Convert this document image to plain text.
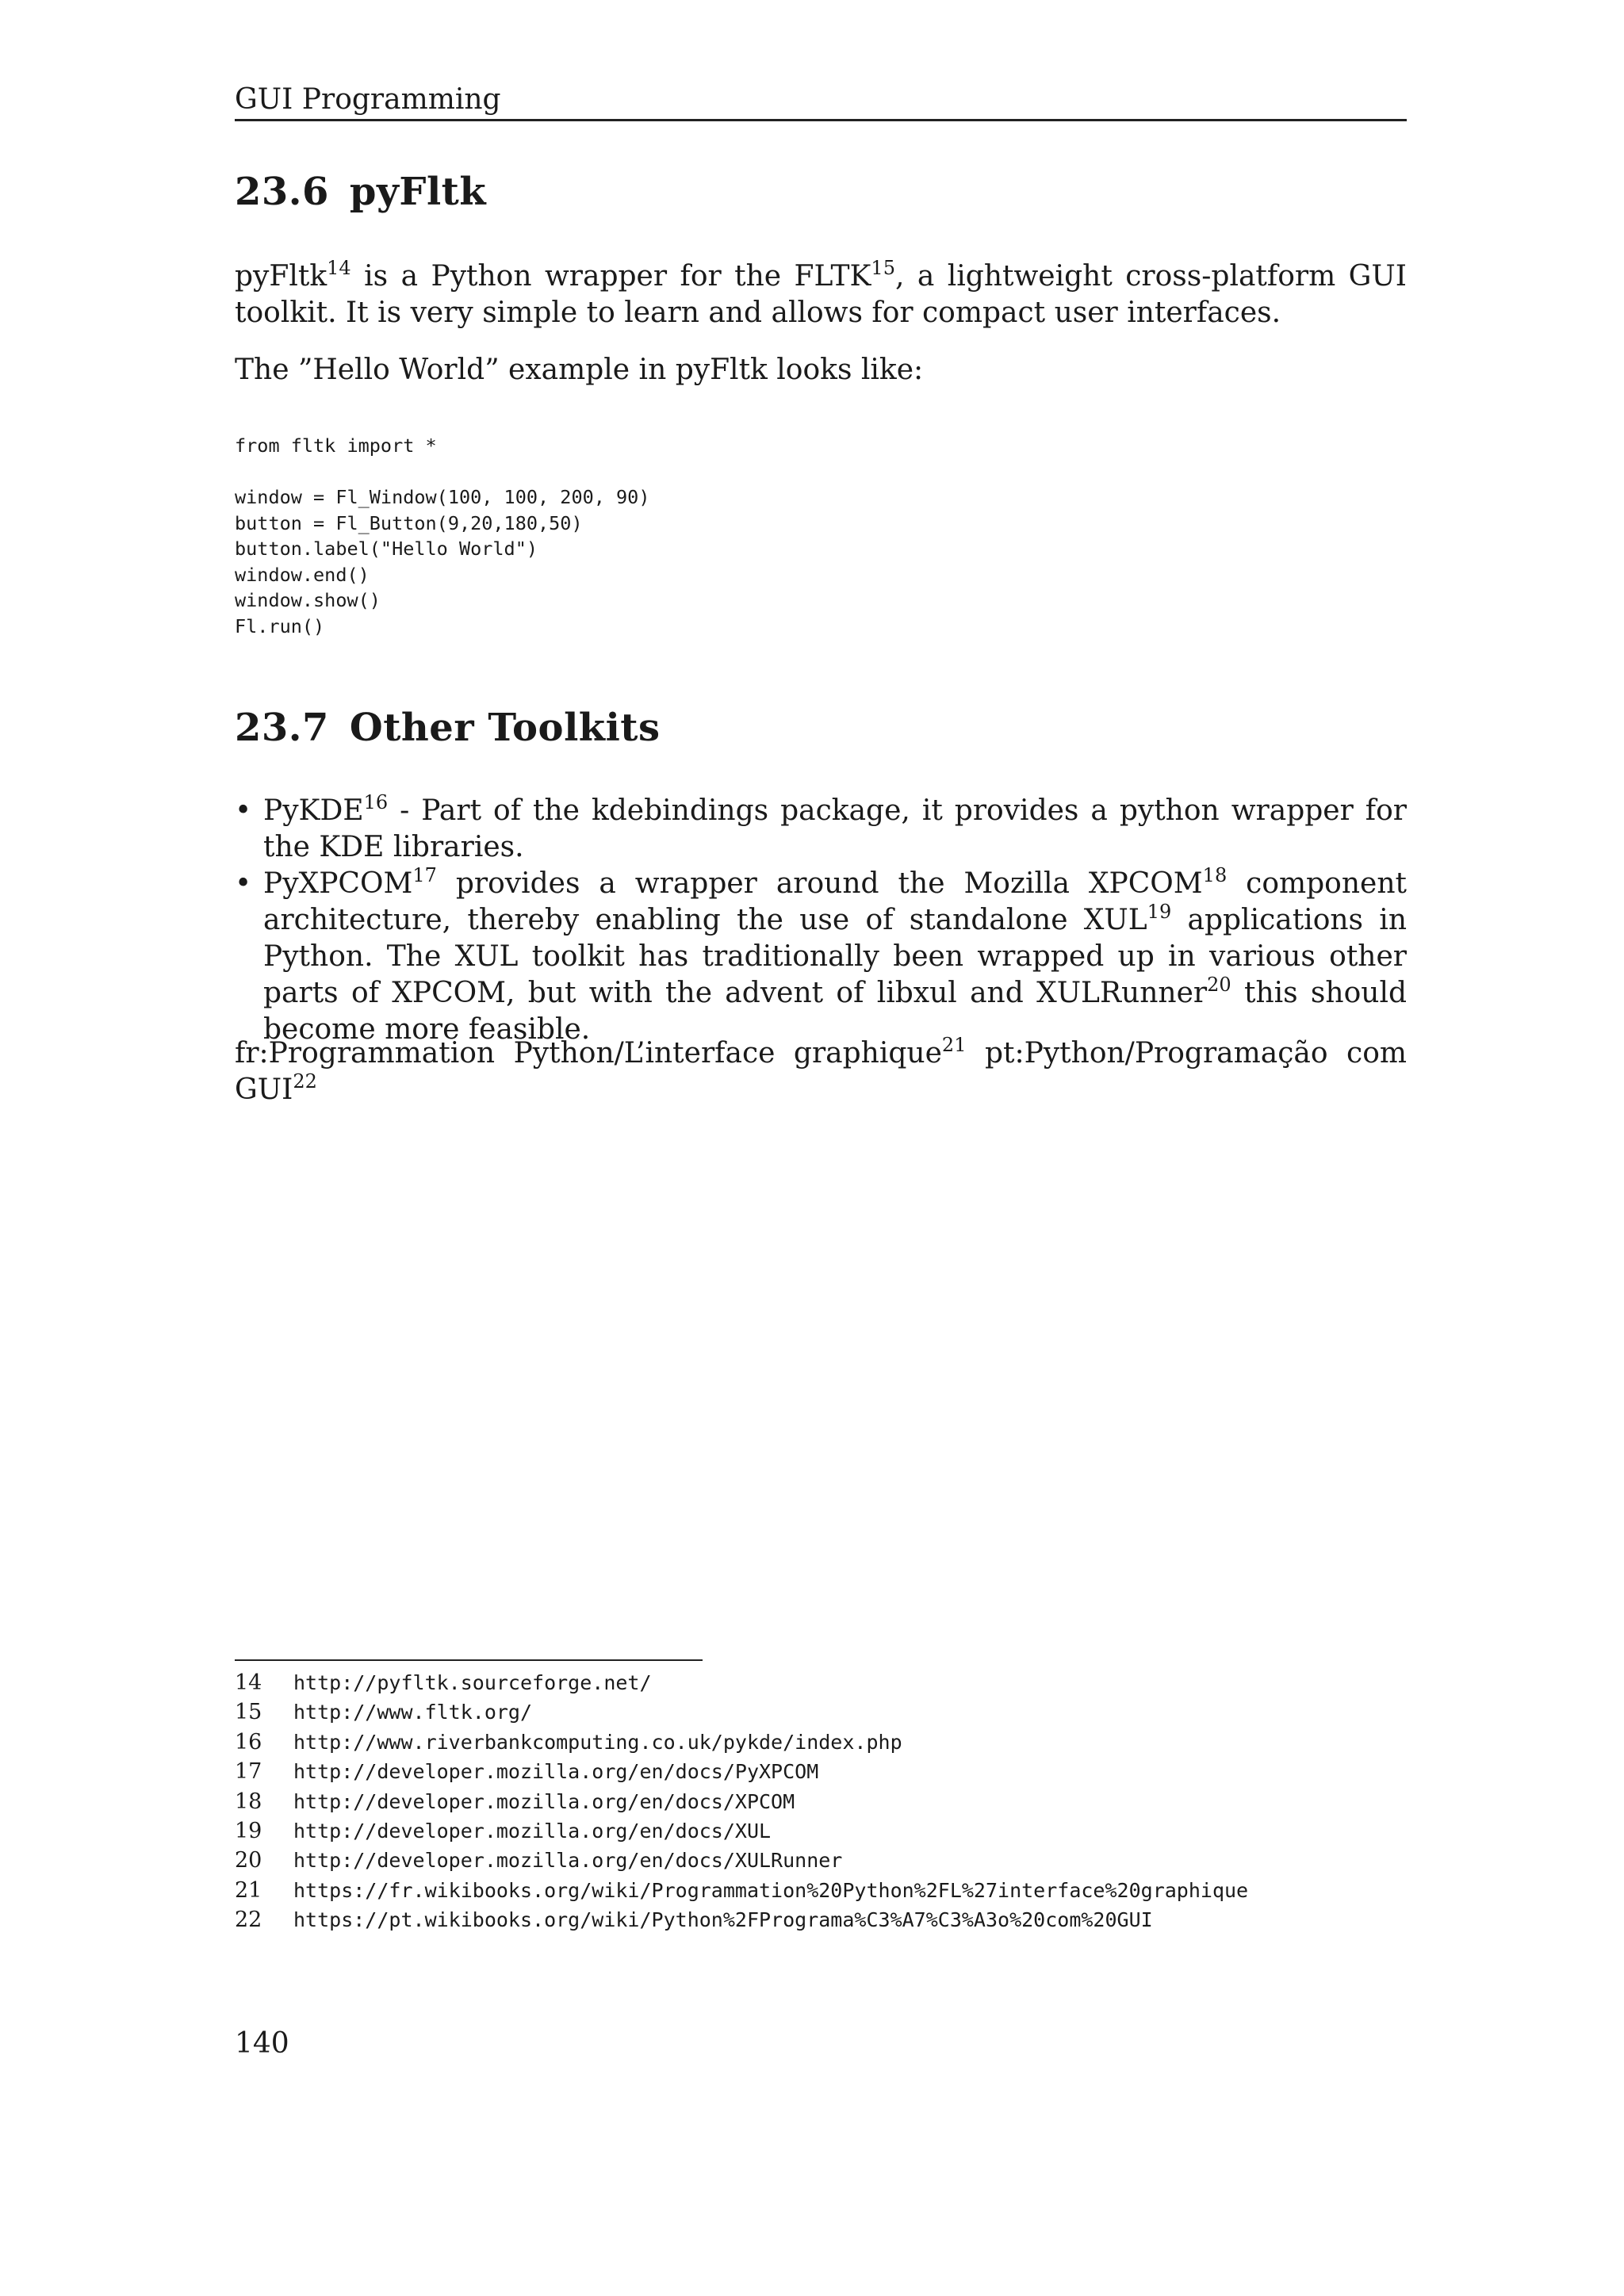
GUI Programming
23.6 pyFltk

pyFltk$^{14}$ is a Python wrapper for the FLTK$^{15}$, a lightweight cross-platform GUI toolkit. It is very simple to learn and allows for compact user interfaces.

The ”Hello World” example in pyFltk looks like:

from fltk import *

window = Fl_Window(100, 100, 200, 90)
button = Fl_Button(9,20,180,50)
button.label("Hello World")
window.end()
window.show()
Fl.run()
23.7 Other Toolkits
• PyKDE$^{16}$ - Part of the kdebindings package, it provides a python wrapper for the KDE libraries.
• PyXPCOM$^{17}$ provides a wrapper around the Mozilla XPCOM$^{18}$ component architecture, thereby enabling the use of standalone XUL$^{19}$ applications in Python. The XUL toolkit has traditionally been wrapped up in various other parts of XPCOM, but with the advent of libxul and XULRunner$^{20}$ this should become more feasible.

fr:Programmation Python/L’interface graphique$^{21}$ pt:Python/Programação com GUI$^{22}$

14	http://pyfltk.sourceforge.net/
15	http://www.fltk.org/
16	http://www.riverbankcomputing.co.uk/pykde/index.php
17	http://developer.mozilla.org/en/docs/PyXPCOM
18	http://developer.mozilla.org/en/docs/XPCOM
19	http://developer.mozilla.org/en/docs/XUL
20	http://developer.mozilla.org/en/docs/XULRunner
21	https://fr.wikibooks.org/wiki/Programmation%20Python%2FL%27interface%20graphique
22	https://pt.wikibooks.org/wiki/Python%2FPrograma%C3%A7%C3%A3o%20com%20GUI
140
